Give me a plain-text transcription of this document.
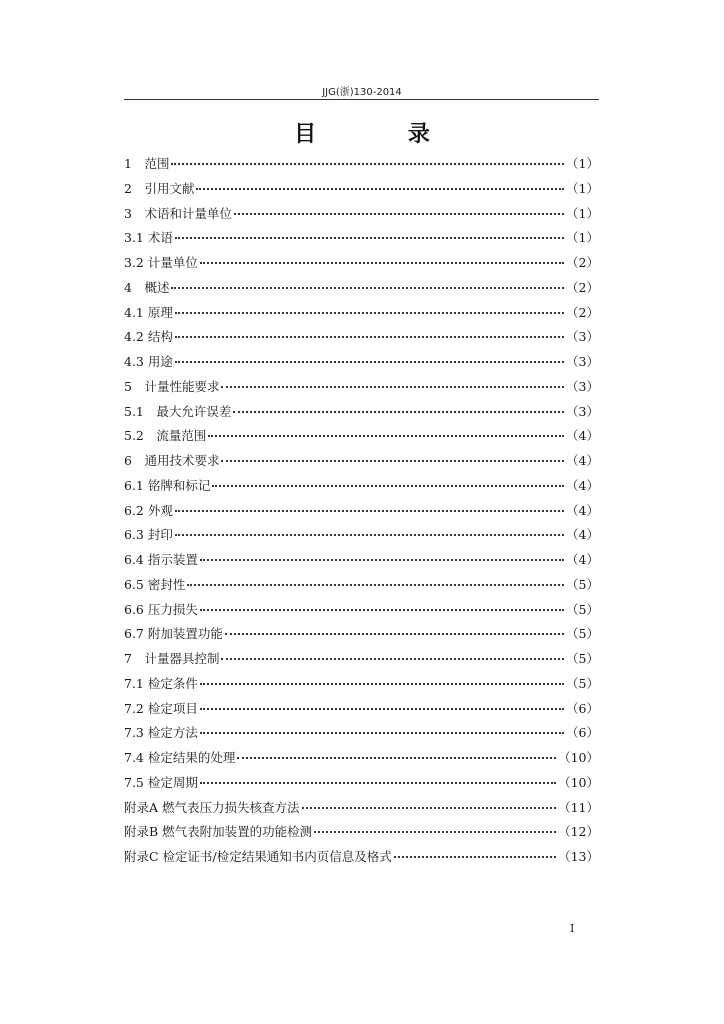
JJG(浙)130-2014
目 录
1　范围	（1）
2　引用文献	（1）
3　术语和计量单位	（1）
3.1 术语	（1）
3.2 计量单位	（2）
4　概述	（2）
4.1 原理	（2）
4.2 结构	（3）
4.3 用途	（3）
5　计量性能要求	（3）
5.1　最大允许误差	（3）
5.2　流量范围	（4）
6　通用技术要求	（4）
6.1 铭牌和标记	（4）
6.2 外观	（4）
6.3 封印	（4）
6.4 指示装置	（4）
6.5 密封性	（5）
6.6 压力损失	（5）
6.7 附加装置功能	（5）
7　计量器具控制	（5）
7.1 检定条件	（5）
7.2 检定项目	（6）
7.3 检定方法	（6）
7.4 检定结果的处理	（10）
7.5 检定周期	（10）
附录A 燃气表压力损失核查方法	（11）
附录B 燃气表附加装置的功能检测	（12）
附录C 检定证书/检定结果通知书内页信息及格式	（13）
I
